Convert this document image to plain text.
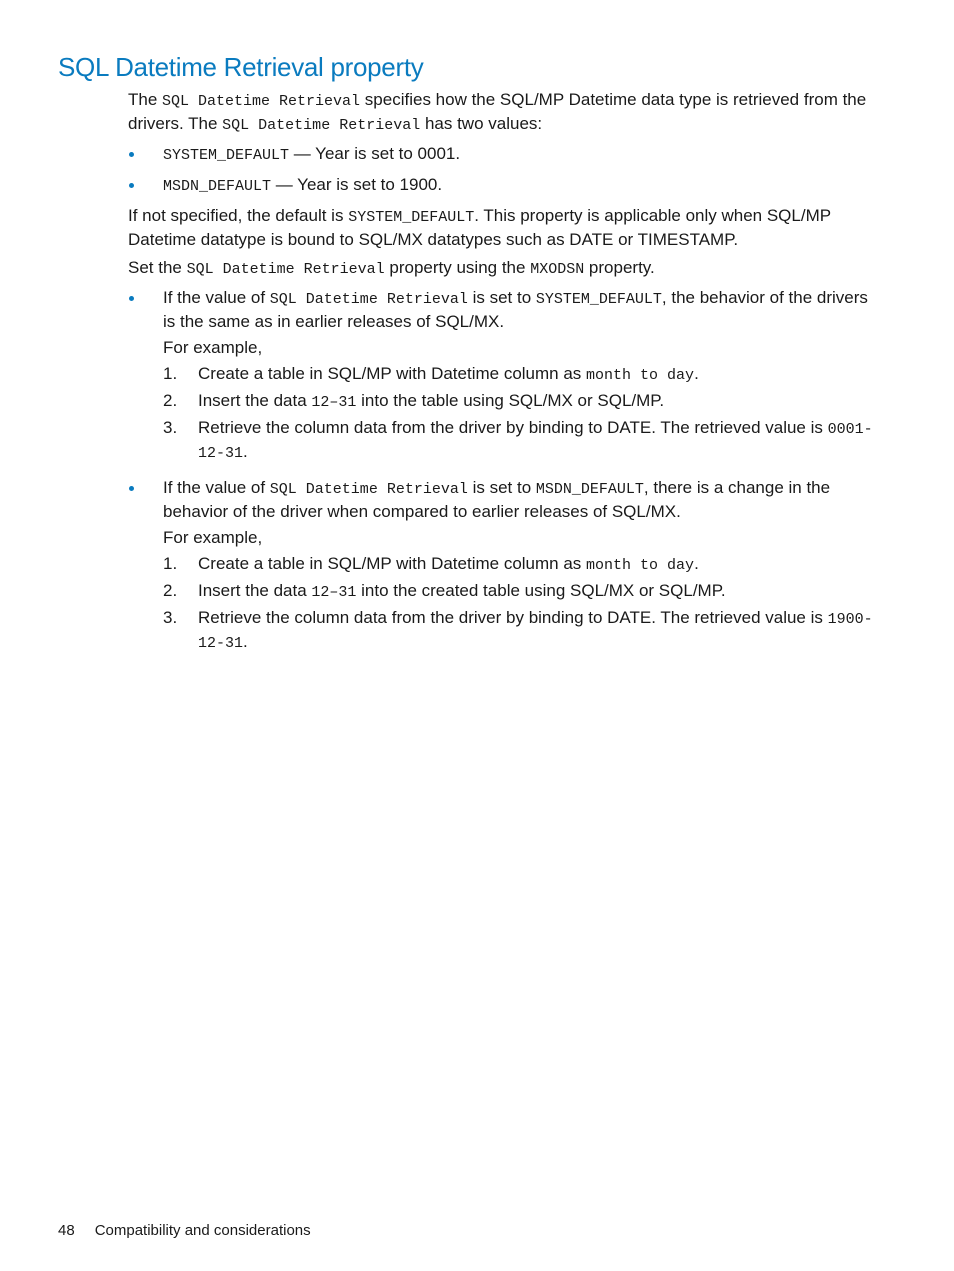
SQL Datetime Retrieval property

The SQL Datetime Retrieval specifies how the SQL/MP Datetime data type is retrieved from the drivers. The SQL Datetime Retrieval has two values:

SYSTEM_DEFAULT — Year is set to 0001.
MSDN_DEFAULT — Year is set to 1900.

If not specified, the default is SYSTEM_DEFAULT. This property is applicable only when SQL/MP Datetime datatype is bound to SQL/MX datatypes such as DATE or TIMESTAMP.

Set the SQL Datetime Retrieval property using the MXODSN property.

If the value of SQL Datetime Retrieval is set to SYSTEM_DEFAULT, the behavior of the drivers is the same as in earlier releases of SQL/MX.
For example,
1. Create a table in SQL/MP with Datetime column as month to day.
2. Insert the data 12–31 into the table using SQL/MX or SQL/MP.
3. Retrieve the column data from the driver by binding to DATE. The retrieved value is 0001-12-31.
If the value of SQL Datetime Retrieval is set to MSDN_DEFAULT, there is a change in the behavior of the driver when compared to earlier releases of SQL/MX.
For example,
1. Create a table in SQL/MP with Datetime column as month to day.
2. Insert the data 12–31 into the created table using SQL/MX or SQL/MP.
3. Retrieve the column data from the driver by binding to DATE. The retrieved value is 1900-12-31.
48 Compatibility and considerations
